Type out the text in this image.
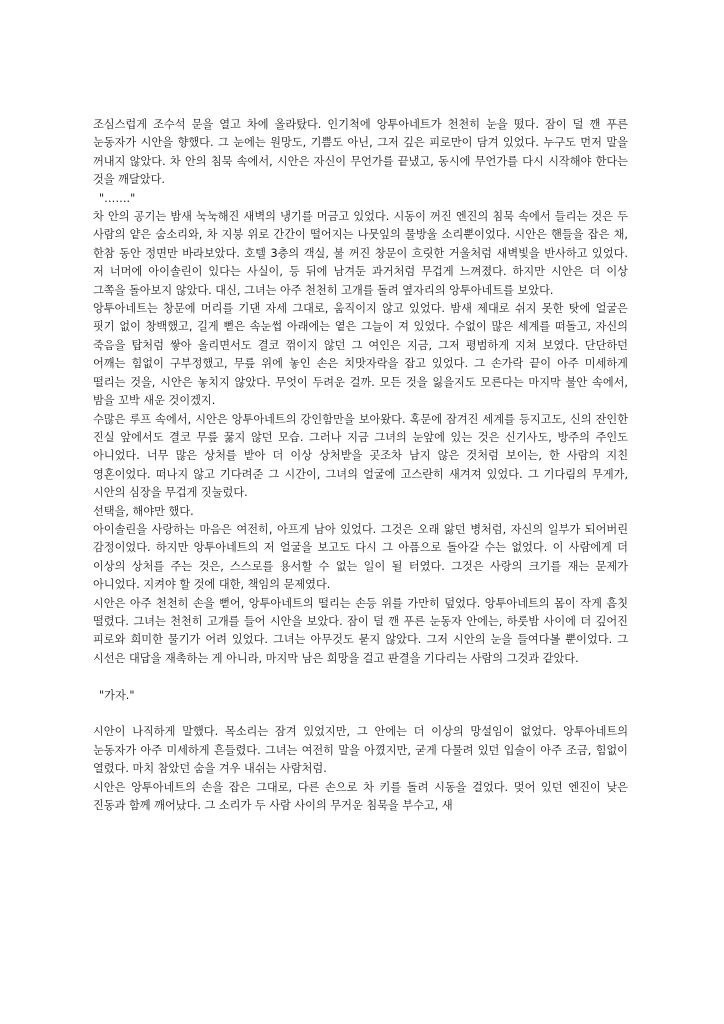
조심스럽게 조수석 문을 열고 차에 올라탔다. 인기척에 앙투아네트가 천천히 눈을 떴다. 잠이 덜 깬 푸른 눈동자가 시안을 향했다. 그 눈에는 원망도, 기쁨도 아닌, 그저 깊은 피로만이 담겨 있었다. 누구도 먼저 말을 꺼내지 않았다. 차 안의 침묵 속에서, 시안은 자신이 무언가를 끝냈고, 동시에 무언가를 다시 시작해야 한다는 것을 깨달았다.

"……."

차 안의 공기는 밤새 눅눅해진 새벽의 냉기를 머금고 있었다. 시동이 꺼진 엔진의 침묵 속에서 들리는 것은 두 사람의 얕은 숨소리와, 차 지붕 위로 간간이 떨어지는 나뭇잎의 물방울 소리뿐이었다. 시안은 핸들을 잡은 채, 한참 동안 정면만 바라보았다. 호텔 3층의 객실, 불 꺼진 창문이 흐릿한 거울처럼 새벽빛을 반사하고 있었다. 저 너머에 아이솔린이 있다는 사실이, 등 뒤에 남겨둔 과거처럼 무겁게 느껴졌다. 하지만 시안은 더 이상 그쪽을 돌아보지 않았다. 대신, 그녀는 아주 천천히 고개를 돌려 옆자리의 앙투아네트를 보았다.

앙투아네트는 창문에 머리를 기댄 자세 그대로, 움직이지 않고 있었다. 밤새 제대로 쉬지 못한 탓에 얼굴은 핏기 없이 창백했고, 길게 뻗은 속눈썹 아래에는 옅은 그늘이 져 있었다. 수없이 많은 세계를 떠돌고, 자신의 죽음을 탑처럼 쌓아 올리면서도 결코 꺾이지 않던 그 여인은 지금, 그저 평범하게 지쳐 보였다. 단단하던 어깨는 힘없이 구부정했고, 무릎 위에 놓인 손은 치맛자락을 잡고 있었다. 그 손가락 끝이 아주 미세하게 떨리는 것을, 시안은 놓치지 않았다. 무엇이 두려운 걸까. 모든 것을 잃을지도 모른다는 마지막 불안 속에서, 밤을 꼬박 새운 것이겠지.

수많은 루프 속에서, 시안은 앙투아네트의 강인함만을 보아왔다. 혹문에 잠겨진 세계를 등지고도, 신의 잔인한 진실 앞에서도 결코 무릎 꿇지 않던 모습. 그러나 지금 그녀의 눈앞에 있는 것은 신기사도, 방주의 주인도 아니었다. 너무 많은 상처를 받아 더 이상 상처받을 곳조차 남지 않은 것처럼 보이는, 한 사람의 지친 영혼이었다. 떠나지 않고 기다려준 그 시간이, 그녀의 얼굴에 고스란히 새겨져 있었다. 그 기다림의 무게가, 시안의 심장을 무겁게 짓눌렀다.

선택을, 해야만 했다.

아이솔린을 사랑하는 마음은 여전히, 아프게 남아 있었다. 그것은 오래 앓던 병처럼, 자신의 일부가 되어버린 감정이었다. 하지만 앙투아네트의 저 얼굴을 보고도 다시 그 아픔으로 돌아갈 수는 없었다. 이 사람에게 더 이상의 상처를 주는 것은, 스스로를 용서할 수 없는 일이 될 터였다. 그것은 사랑의 크기를 재는 문제가 아니었다. 지켜야 할 것에 대한, 책임의 문제였다.

시안은 아주 천천히 손을 뻗어, 앙투아네트의 떨리는 손등 위를 가만히 덮었다. 앙투아네트의 몸이 작게 흠칫 떨렸다. 그녀는 천천히 고개를 들어 시안을 보았다. 잠이 덜 깬 푸른 눈동자 안에는, 하룻밤 사이에 더 깊어진 피로와 희미한 물기가 어려 있었다. 그녀는 아무것도 묻지 않았다. 그저 시안의 눈을 들여다볼 뿐이었다. 그 시선은 대답을 재촉하는 게 아니라, 마지막 남은 희망을 걸고 판결을 기다리는 사람의 그것과 같았다.

"가자."

시안이 나직하게 말했다. 목소리는 잠겨 있었지만, 그 안에는 더 이상의 망설임이 없었다. 앙투아네트의 눈동자가 아주 미세하게 흔들렸다. 그녀는 여전히 말을 아꼈지만, 굳게 다물려 있던 입술이 아주 조금, 힘없이 열렸다. 마치 참았던 숨을 겨우 내쉬는 사람처럼.

시안은 앙투아네트의 손을 잡은 그대로, 다른 손으로 차 키를 돌려 시동을 걸었다. 멎어 있던 엔진이 낮은 진동과 함께 깨어났다. 그 소리가 두 사람 사이의 무거운 침묵을 부수고, 새
